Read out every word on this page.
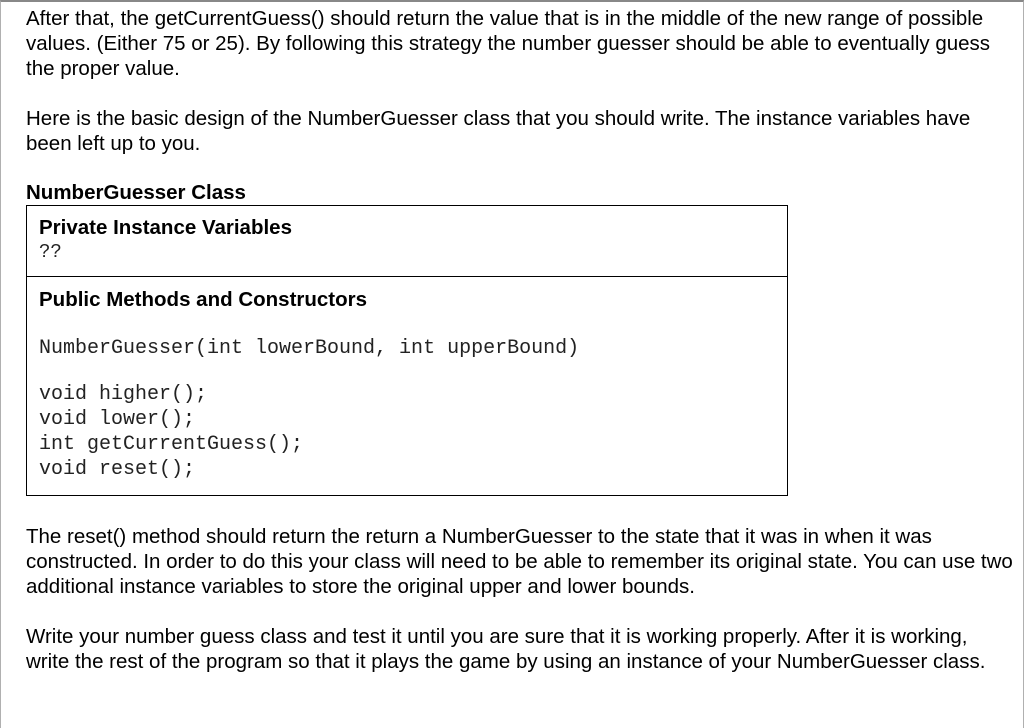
After that, the getCurrentGuess() should return the value that is in the middle of the new range of possible values. (Either 75 or 25). By following this strategy the number guesser should be able to eventually guess the proper value.

Here is the basic design of the NumberGuesser class that you should write. The instance variables have been left up to you.

NumberGuesser Class
Private Instance Variables
??
Public Methods and Constructors
NumberGuesser(int lowerBound, int upperBound)
void higher();
void lower();
int getCurrentGuess();
void reset();

The reset() method should return the return a NumberGuesser to the state that it was in when it was constructed. In order to do this your class will need to be able to remember its original state. You can use two additional instance variables to store the original upper and lower bounds.

Write your number guess class and test it until you are sure that it is working properly. After it is working, write the rest of the program so that it plays the game by using an instance of your NumberGuesser class.
